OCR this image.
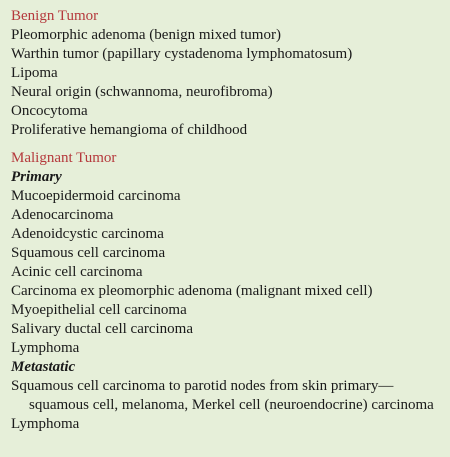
Benign Tumor

Pleomorphic adenoma (benign mixed tumor)

Warthin tumor (papillary cystadenoma lymphomatosum)

Lipoma

Neural origin (schwannoma, neurofibroma)

Oncocytoma

Proliferative hemangioma of childhood

Malignant Tumor

Primary

Mucoepidermoid carcinoma

Adenocarcinoma

Adenoidcystic carcinoma

Squamous cell carcinoma

Acinic cell carcinoma

Carcinoma ex pleomorphic adenoma (malignant mixed cell)

Myoepithelial cell carcinoma

Salivary ductal cell carcinoma

Lymphoma

Metastatic

Squamous cell carcinoma to parotid nodes from skin primary— squamous cell, melanoma, Merkel cell (neuroendocrine) carcinoma

Lymphoma
